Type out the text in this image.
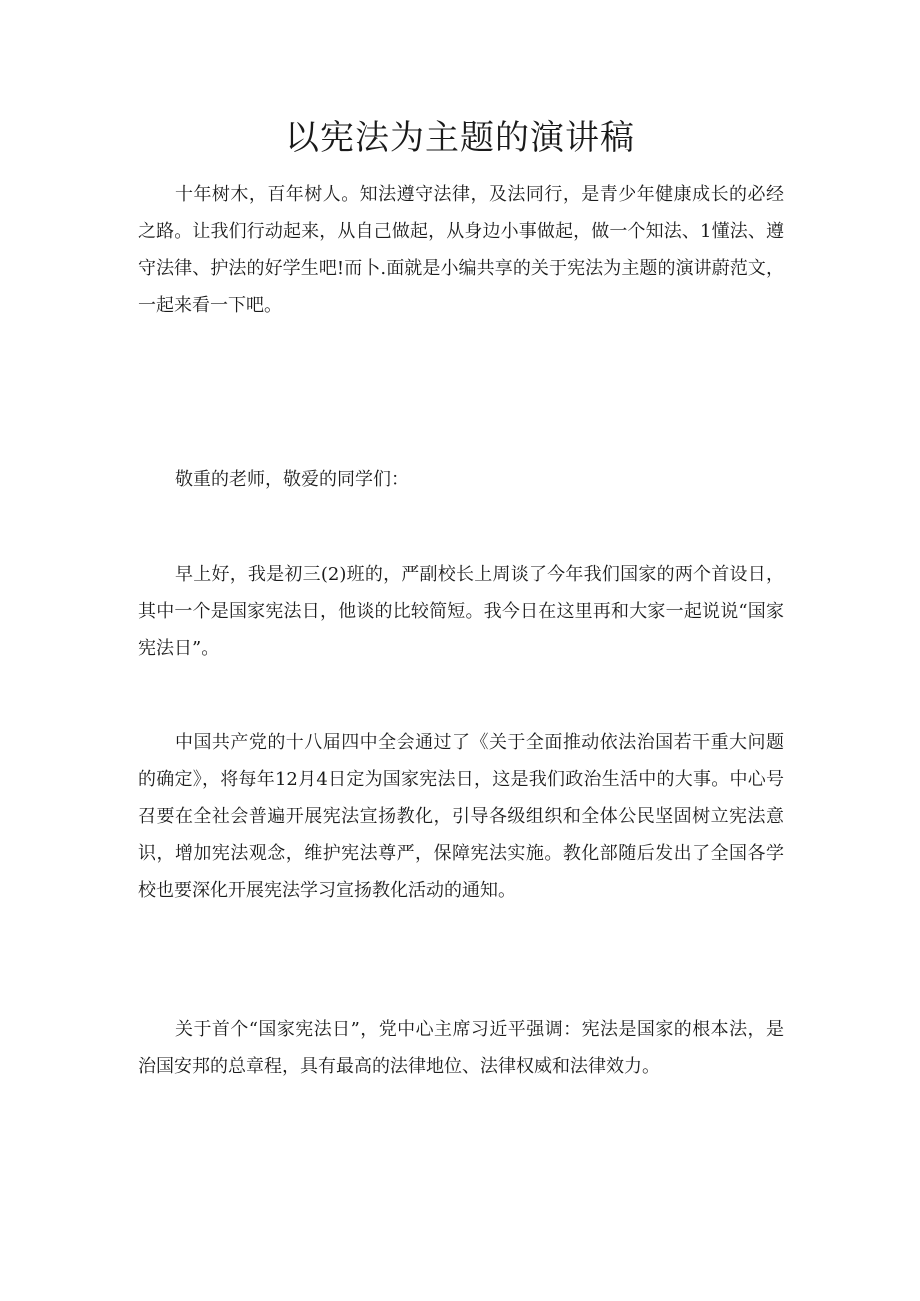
以宪法为主题的演讲稿

十年树木，百年树人。知法遵守法律，及法同行，是青少年健康成长的必经之路。让我们行动起来，从自己做起，从身边小事做起，做一个知法、1懂法、遵守法律、护法的好学生吧!而卜.面就是小编共享的关于宪法为主题的演讲蔚范文，一起来看一下吧。

敬重的老师，敬爱的同学们：

早上好，我是初三(2)班的，严副校长上周谈了今年我们国家的两个首设日，其中一个是国家宪法日，他谈的比较简短。我今日在这里再和大家一起说说“国家宪法日”。

中国共产党的十八届四中全会通过了《关于全面推动依法治国若干重大问题的确定》，将每年12月4日定为国家宪法日，这是我们政治生活中的大事。中心号召要在全社会普遍开展宪法宣扬教化，引导各级组织和全体公民坚固树立宪法意识，增加宪法观念，维护宪法尊严，保障宪法实施。教化部随后发出了全国各学校也要深化开展宪法学习宣扬教化活动的通知。

关于首个“国家宪法日”，党中心主席习近平强调：宪法是国家的根本法，是治国安邦的总章程，具有最高的法律地位、法律权威和法律效力。
